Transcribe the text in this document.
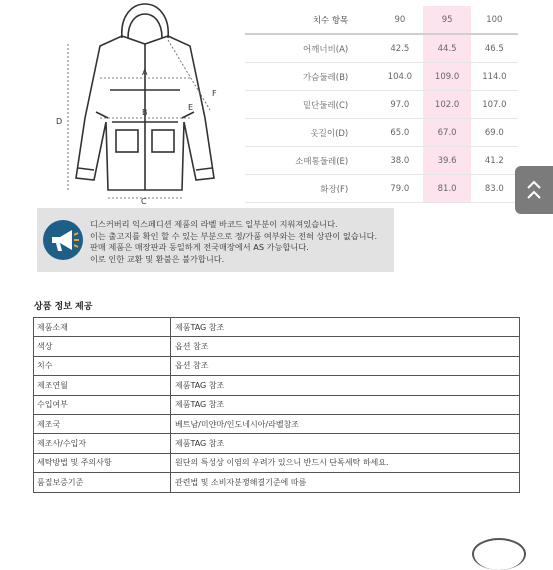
A
B
C
D
E
F
치수 항목	90	95	100
어깨너비(A)	42.5	44.5	46.5
가슴둘레(B)	104.0	109.0	114.0
밑단둘레(C)	97.0	102.0	107.0
옷길이(D)	65.0	67.0	69.0
소매통둘레(E)	38.0	39.6	41.2
화장(F)	79.0	81.0	83.0
디스커버리 익스페디션 제품의 라벨 바코드 일부분이 지워져있습니다.
이는 출고지를 확인 할 수 있는 부분으로 정/가품 여부와는 전혀 상관이 없습니다.
판매 제품은 매장판과 동일하게 전국매장에서 AS 가능합니다.
이로 인한 교환 및 환불은 불가합니다.
상품 정보 제공
제품소재	제품TAG 참조
색상	옵션 참조
치수	옵션 참조
제조연월	제품TAG 참조
수입여부	제품TAG 참조
제조국	베트남/미얀마/인도네시아/라벨참조
제조사/수입자	제품TAG 참조
세탁방법 및 주의사항	원단의 특성상 이염의 우려가 있으니 반드시 단독세탁 하세요.
품질보증기준	관련법 및 소비자분쟁해결기준에 따름
